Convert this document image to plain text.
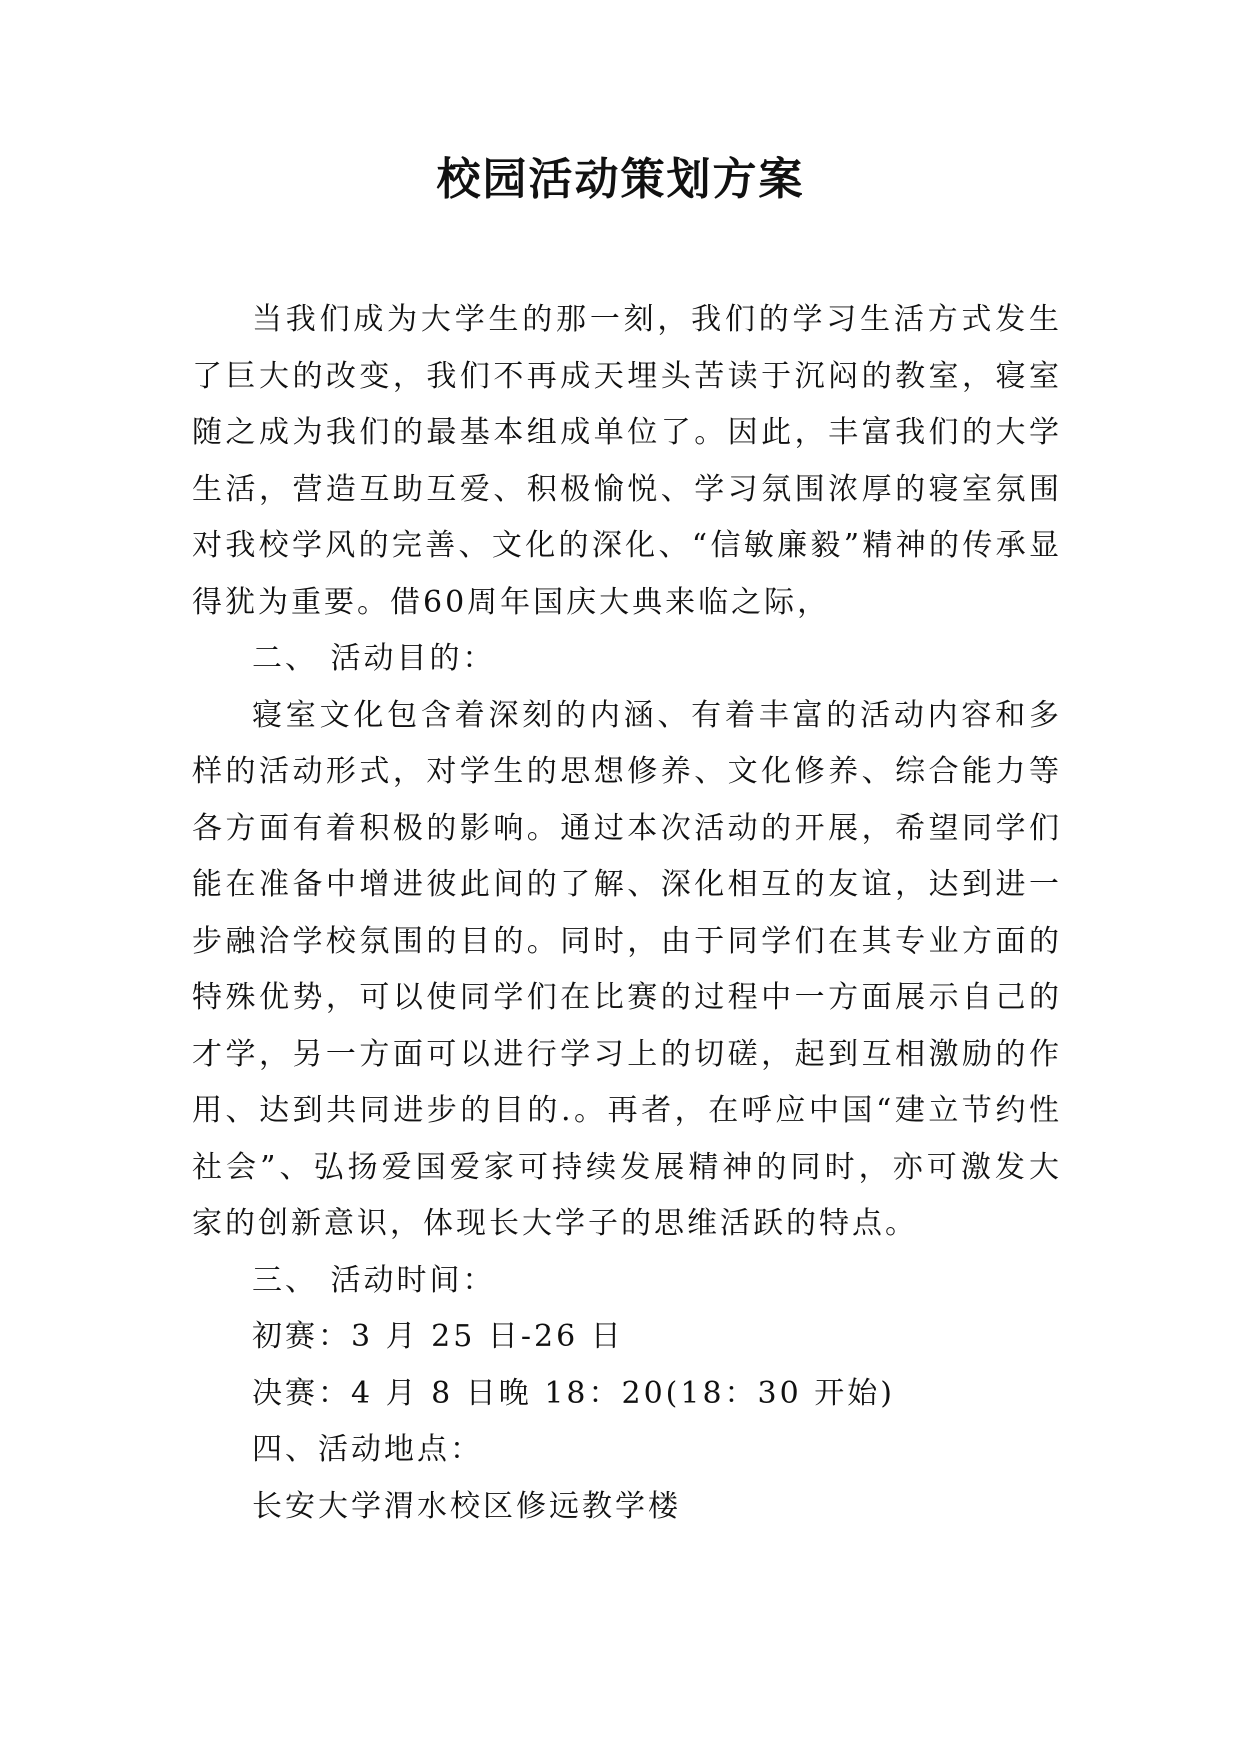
校园活动策划方案

当我们成为大学生的那一刻，我们的学习生活方式发生了巨大的改变，我们不再成天埋头苦读于沉闷的教室，寝室随之成为我们的最基本组成单位了。因此，丰富我们的大学生活，营造互助互爱、积极愉悦、学习氛围浓厚的寝室氛围对我校学风的完善、文化的深化、“信敏廉毅”精神的传承显得犹为重要。借60周年国庆大典来临之际，

二、 活动目的：

寝室文化包含着深刻的内涵、有着丰富的活动内容和多样的活动形式，对学生的思想修养、文化修养、综合能力等各方面有着积极的影响。通过本次活动的开展，希望同学们能在准备中增进彼此间的了解、深化相互的友谊，达到进一步融洽学校氛围的目的。同时，由于同学们在其专业方面的特殊优势，可以使同学们在比赛的过程中一方面展示自己的才学，另一方面可以进行学习上的切磋，起到互相激励的作用、达到共同进步的目的.。再者，在呼应中国“建立节约性社会”、弘扬爱国爱家可持续发展精神的同时，亦可激发大家的创新意识，体现长大学子的思维活跃的特点。

三、 活动时间：

初赛：3 月 25 日-26 日

决赛：4 月 8 日晚 18：20(18：30 开始)

四、活动地点：

长安大学渭水校区修远教学楼
